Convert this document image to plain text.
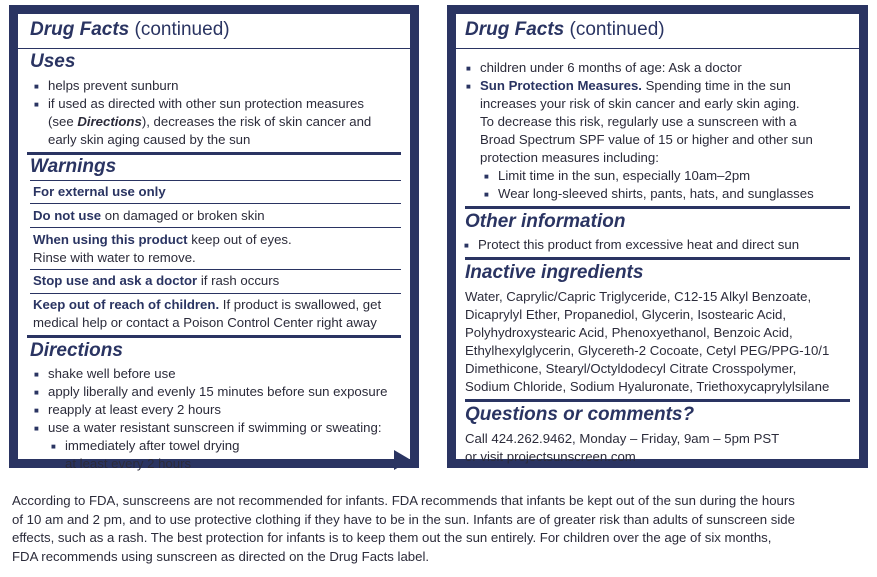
Drug Facts (continued)
Uses
■ helps prevent sunburn
■ if used as directed with other sun protection measures
(see Directions), decreases the risk of skin cancer and
early skin aging caused by the sun
Warnings
For external use only
Do not use on damaged or broken skin
When using this product keep out of eyes.
Rinse with water to remove.
Stop use and ask a doctor if rash occurs
Keep out of reach of children. If product is swallowed, get
medical help or contact a Poison Control Center right away
Directions
■ shake well before use
■ apply liberally and evenly 15 minutes before sun exposure
■ reapply at least every 2 hours
■ use a water resistant sunscreen if swimming or sweating:
■ immediately after towel drying
■ at least every 2 hours
Drug Facts (continued)
■ children under 6 months of age: Ask a doctor
■ Sun Protection Measures. Spending time in the sun
increases your risk of skin cancer and early skin aging.
To decrease this risk, regularly use a sunscreen with a
Broad Spectrum SPF value of 15 or higher and other sun
protection measures including:
■ Limit time in the sun, especially 10am–2pm
■ Wear long-sleeved shirts, pants, hats, and sunglasses
Other information
■ Protect this product from excessive heat and direct sun
Inactive ingredients
Water, Caprylic/Capric Triglyceride, C12-15 Alkyl Benzoate,
Dicaprylyl Ether, Propanediol, Glycerin, Isostearic Acid,
Polyhydroxystearic Acid, Phenoxyethanol, Benzoic Acid,
Ethylhexylglycerin, Glycereth-2 Cocoate, Cetyl PEG/PPG-10/1
Dimethicone, Stearyl/Octyldodecyl Citrate Crosspolymer,
Sodium Chloride, Sodium Hyaluronate, Triethoxycaprylylsilane
Questions or comments?
Call 424.262.9462, Monday – Friday, 9am – 5pm PST
or visit projectsunscreen.com
According to FDA, sunscreens are not recommended for infants. FDA recommends that infants be kept out of the sun during the hours
of 10 am and 2 pm, and to use protective clothing if they have to be in the sun. Infants are of greater risk than adults of sunscreen side
effects, such as a rash. The best protection for infants is to keep them out the sun entirely. For children over the age of six months,
FDA recommends using sunscreen as directed on the Drug Facts label.
